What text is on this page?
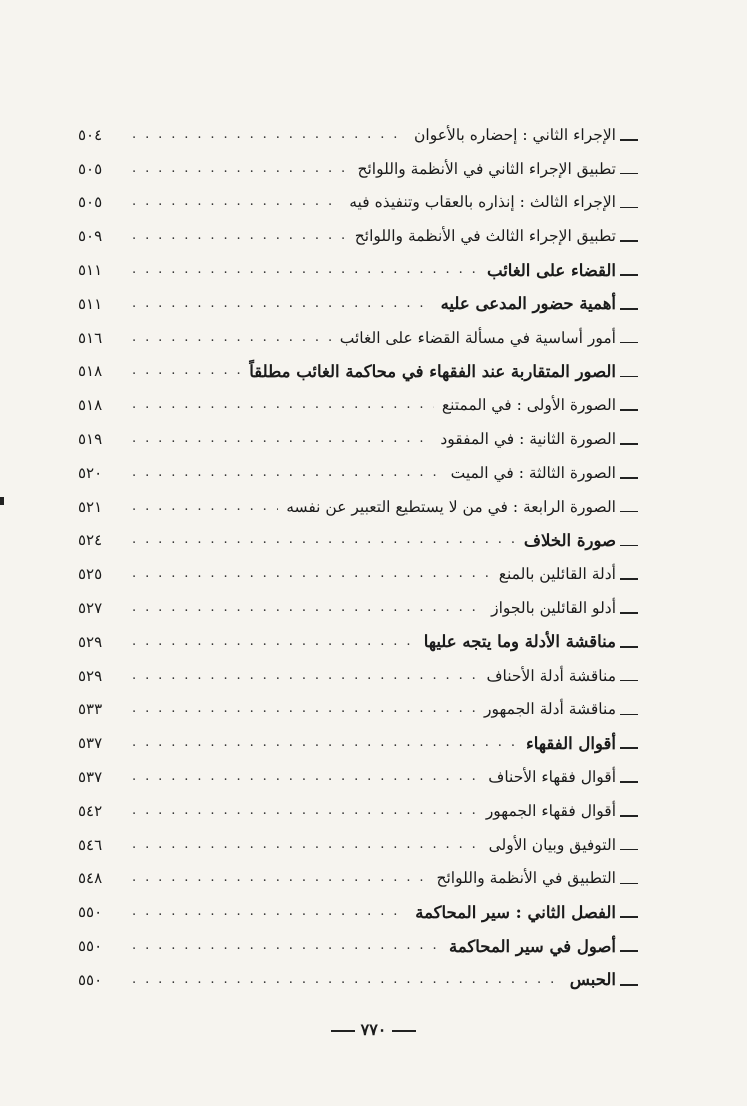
الإجراء الثاني : إحضاره بالأعوان
. . .
٥٠٤
تطبيق الإجراء الثاني في الأنظمة واللوائح
. . .
٥٠٥
الإجراء الثالث : إنذاره بالعقاب وتنفيذه فيه
. . .
٥٠٥
تطبيق الإجراء الثالث في الأنظمة واللوائح
. . .
٥٠٩
القضاء على الغائب
. . .
٥١١
أهمية حضور المدعى عليه
. . .
٥١١
أمور أساسية في مسألة القضاء على الغائب
. . .
٥١٦
الصور المتقاربة عند الفقهاء في محاكمة الغائب مطلقاً
. . .
٥١٨
الصورة الأولى : في الممتنع
. . .
٥١٨
الصورة الثانية : في المفقود
. . .
٥١٩
الصورة الثالثة : في الميت
. . .
٥٢٠
الصورة الرابعة : في من لا يستطيع التعبير عن نفسه
. . .
٥٢١
صورة الخلاف
. . .
٥٢٤
أدلة القائلين بالمنع
. . .
٥٢٥
أدلو القائلين بالجواز
. . .
٥٢٧
مناقشة الأدلة وما يتجه عليها
. . .
٥٢٩
مناقشة أدلة الأحناف
. . .
٥٢٩
مناقشة أدلة الجمهور
. . .
٥٣٣
أقوال الفقهاء
. . .
٥٣٧
أقوال فقهاء الأحناف
. . .
٥٣٧
أقوال فقهاء الجمهور
. . .
٥٤٢
التوفيق وبيان الأولى
. . .
٥٤٦
التطبيق في الأنظمة واللوائح
. . .
٥٤٨
الفصل الثاني : سير المحاكمة
. . .
٥٥٠
أصول في سير المحاكمة
. . .
٥٥٠
الحبس
. . .
٥٥٠
٧٧٠
